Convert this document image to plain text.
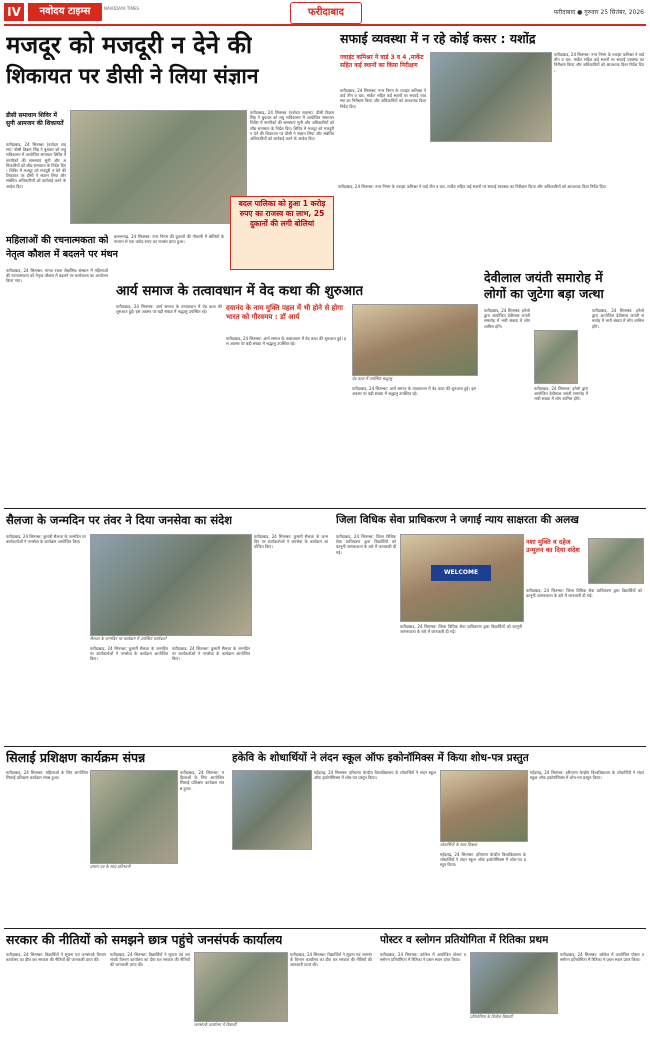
IV	नवोदय टाइम्स	NAVODAYA TIMES	फरीदाबाद	फरीदाबाद ● गुरुवार 25 सितंबर, 2026
मजदूर को मजदूरी न देने की
शिकायत पर डीसी ने लिया संज्ञान
डीसी समाधान शिविर में सुनी आमजन की शिकायतें
फरीदाबाद, 24 सितम्बर (नवोदय टाइम्स): डीसी विक्रम सिंह ने बुधवार को लघु सचिवालय में आयोजित समाधान शिविर में नागरिकों की समस्याएं सुनी और अधिकारियों को शीघ्र समाधान के निर्देश दिए। शिविर में मजदूर को मजदूरी न देने की शिकायत पर डीसी ने संज्ञान लिया और संबंधित अधिकारियों को कार्रवाई करने के आदेश दिए।
फरीदाबाद, 24 सितम्बर (नवोदय टाइम्स): डीसी विक्रम सिंह ने बुधवार को लघु सचिवालय में आयोजित समाधान शिविर में नागरिकों की समस्याएं सुनी और अधिकारियों को शीघ्र समाधान के निर्देश दिए। शिविर में मजदूर को मजदूरी न देने की शिकायत पर डीसी ने संज्ञान लिया और संबंधित अधिकारियों को कार्रवाई करने के आदेश दिए।
सफाई व्यवस्था में न रहे कोई कसर : यशोंद्र
ज्वाइंट कमिश्नर ने वार्ड 3 व 4 ,मार्केट सहित कई स्थानों का किया निरीक्षण
फरीदाबाद, 24 सितम्बर: नगर निगम के ज्वाइंट कमिश्नर ने वार्ड तीन व चार, मार्केट सहित कई स्थानों पर सफाई व्यवस्था का निरीक्षण किया और अधिकारियों को आवश्यक दिशा निर्देश दिए।
फरीदाबाद, 24 सितम्बर: नगर निगम के ज्वाइंट कमिश्नर ने वार्ड तीन व चार, मार्केट सहित कई स्थानों पर सफाई व्यवस्था का निरीक्षण किया और अधिकारियों को आवश्यक दिशा निर्देश दिए।
महिलाओं की रचनात्मकता को
नेतृत्व कौशल में बदलने पर मंथन
फरीदाबाद, 24 सितम्बर: मानव रचना शैक्षणिक संस्थान में महिलाओं की रचनात्मकता को नेतृत्व कौशल में बदलने पर कार्यशाला का आयोजन किया गया।
बदल पालिका को हुआ 1 करोड़ रुपए का राजस्व का लाभ, 25 दुकानों की लगी बोलियां
बल्लभगढ़, 24 सितम्बर: नगर निगम की दुकानों की नीलामी में बोलियों के माध्यम से एक करोड़ रुपए का राजस्व प्राप्त हुआ।
फरीदाबाद, 24 सितम्बर: नगर निगम के ज्वाइंट कमिश्नर ने वार्ड तीन व चार, मार्केट सहित कई स्थानों पर सफाई व्यवस्था का निरीक्षण किया और अधिकारियों को आवश्यक दिशा निर्देश दिए।
आर्य समाज के तत्वावधान में वेद कथा की शुरुआत
दयानंद के नाम मुक्ति पहल में भी होने से होगा भारत को गौरवमय : डॉ आर्य
फरीदाबाद, 24 सितम्बर: आर्य समाज के तत्वावधान में वेद कथा की शुरुआत हुई। इस अवसर पर बड़ी संख्या में श्रद्धालु उपस्थित रहे।
वेद कथा में उपस्थित श्रद्धालु
फरीदाबाद, 24 सितम्बर: आर्य समाज के तत्वावधान में वेद कथा की शुरुआत हुई। इस अवसर पर बड़ी संख्या में श्रद्धालु उपस्थित रहे।
फरीदाबाद, 24 सितम्बर: आर्य समाज के तत्वावधान में वेद कथा की शुरुआत हुई। इस अवसर पर बड़ी संख्या में श्रद्धालु उपस्थित रहे।
देवीलाल जयंती समारोह में
लोगों का जुटेगा बड़ा जत्था
फरीदाबाद, 24 सितम्बर: इनेलो द्वारा आयोजित देवीलाल जयंती समारोह में भारी संख्या में लोग शामिल होंगे।
फरीदाबाद, 24 सितम्बर: इनेलो द्वारा आयोजित देवीलाल जयंती समारोह में भारी संख्या में लोग शामिल होंगे।
फरीदाबाद, 24 सितम्बर: इनेलो द्वारा आयोजित देवीलाल जयंती समारोह में भारी संख्या में लोग शामिल होंगे।
सैलजा के जन्मदिन पर तंवर ने दिया जनसेवा का संदेश
फरीदाबाद, 24 सितम्बर: कुमारी सैलजा के जन्मदिन पर कार्यकर्ताओं ने जनसेवा के कार्यक्रम आयोजित किए।
सैलजा के जन्मदिन पर कार्यक्रम में उपस्थित कार्यकर्ता
फरीदाबाद, 24 सितम्बर: कुमारी सैलजा के जन्मदिन पर कार्यकर्ताओं ने जनसेवा के कार्यक्रम आयोजित किए।
फरीदाबाद, 24 सितम्बर: कुमारी सैलजा के जन्मदिन पर कार्यकर्ताओं ने जनसेवा के कार्यक्रम आयोजित किए।
फरीदाबाद, 24 सितम्बर: कुमारी सैलजा के जन्मदिन पर कार्यकर्ताओं ने जनसेवा के कार्यक्रम आयोजित किए।
जिला विधिक सेवा प्राधिकरण ने जगाई न्याय साक्षरता की अलख
फरीदाबाद, 24 सितम्बर: जिला विधिक सेवा प्राधिकरण द्वारा विद्यार्थियों को कानूनी जागरूकता के बारे में जानकारी दी गई।
WELCOME
फरीदाबाद, 24 सितम्बर: जिला विधिक सेवा प्राधिकरण द्वारा विद्यार्थियों को कानूनी जागरूकता के बारे में जानकारी दी गई।
नशा मुक्ति व दहेज उन्मूलन का दिया संदेश
फरीदाबाद, 24 सितम्बर: जिला विधिक सेवा प्राधिकरण द्वारा विद्यार्थियों को कानूनी जागरूकता के बारे में जानकारी दी गई।
सिलाई प्रशिक्षण कार्यक्रम संपन्न
फरीदाबाद, 24 सितम्बर: महिलाओं के लिए आयोजित सिलाई प्रशिक्षण कार्यक्रम संपन्न हुआ।
प्रमाण पत्र के साथ प्रतिभागी
फरीदाबाद, 24 सितम्बर: महिलाओं के लिए आयोजित सिलाई प्रशिक्षण कार्यक्रम संपन्न हुआ।
हकेवि के शोधार्थियों ने लंदन स्कूल ऑफ इकोनॉमिक्स में किया शोध-पत्र प्रस्तुत
महेंद्रगढ़, 24 सितम्बर: हरियाणा केन्द्रीय विश्वविद्यालय के शोधार्थियों ने लंदन स्कूल ऑफ इकोनॉमिक्स में शोध-पत्र प्रस्तुत किया।
शोधार्थियों के साथ शिक्षक
महेंद्रगढ़, 24 सितम्बर: हरियाणा केन्द्रीय विश्वविद्यालय के शोधार्थियों ने लंदन स्कूल ऑफ इकोनॉमिक्स में शोध-पत्र प्रस्तुत किया।
महेंद्रगढ़, 24 सितम्बर: हरियाणा केन्द्रीय विश्वविद्यालय के शोधार्थियों ने लंदन स्कूल ऑफ इकोनॉमिक्स में शोध-पत्र प्रस्तुत किया।
सरकार की नीतियों को समझने छात्र पहुंचे जनसंपर्क कार्यालय
फरीदाबाद, 24 सितम्बर: विद्यार्थियों ने सूचना एवं जनसंपर्क विभाग कार्यालय का दौरा कर सरकार की नीतियों की जानकारी प्राप्त की।
फरीदाबाद, 24 सितम्बर: विद्यार्थियों ने सूचना एवं जनसंपर्क विभाग कार्यालय का दौरा कर सरकार की नीतियों की जानकारी प्राप्त की।
जनसंपर्क कार्यालय में विद्यार्थी
फरीदाबाद, 24 सितम्बर: विद्यार्थियों ने सूचना एवं जनसंपर्क विभाग कार्यालय का दौरा कर सरकार की नीतियों की जानकारी प्राप्त की।
पोस्टर व स्लोगन प्रतियोगिता में रितिका प्रथम
फरीदाबाद, 24 सितम्बर: कॉलेज में आयोजित पोस्टर व स्लोगन प्रतियोगिता में रितिका ने प्रथम स्थान प्राप्त किया।
प्रतियोगिता के विजेता विद्यार्थी
फरीदाबाद, 24 सितम्बर: कॉलेज में आयोजित पोस्टर व स्लोगन प्रतियोगिता में रितिका ने प्रथम स्थान प्राप्त किया।
